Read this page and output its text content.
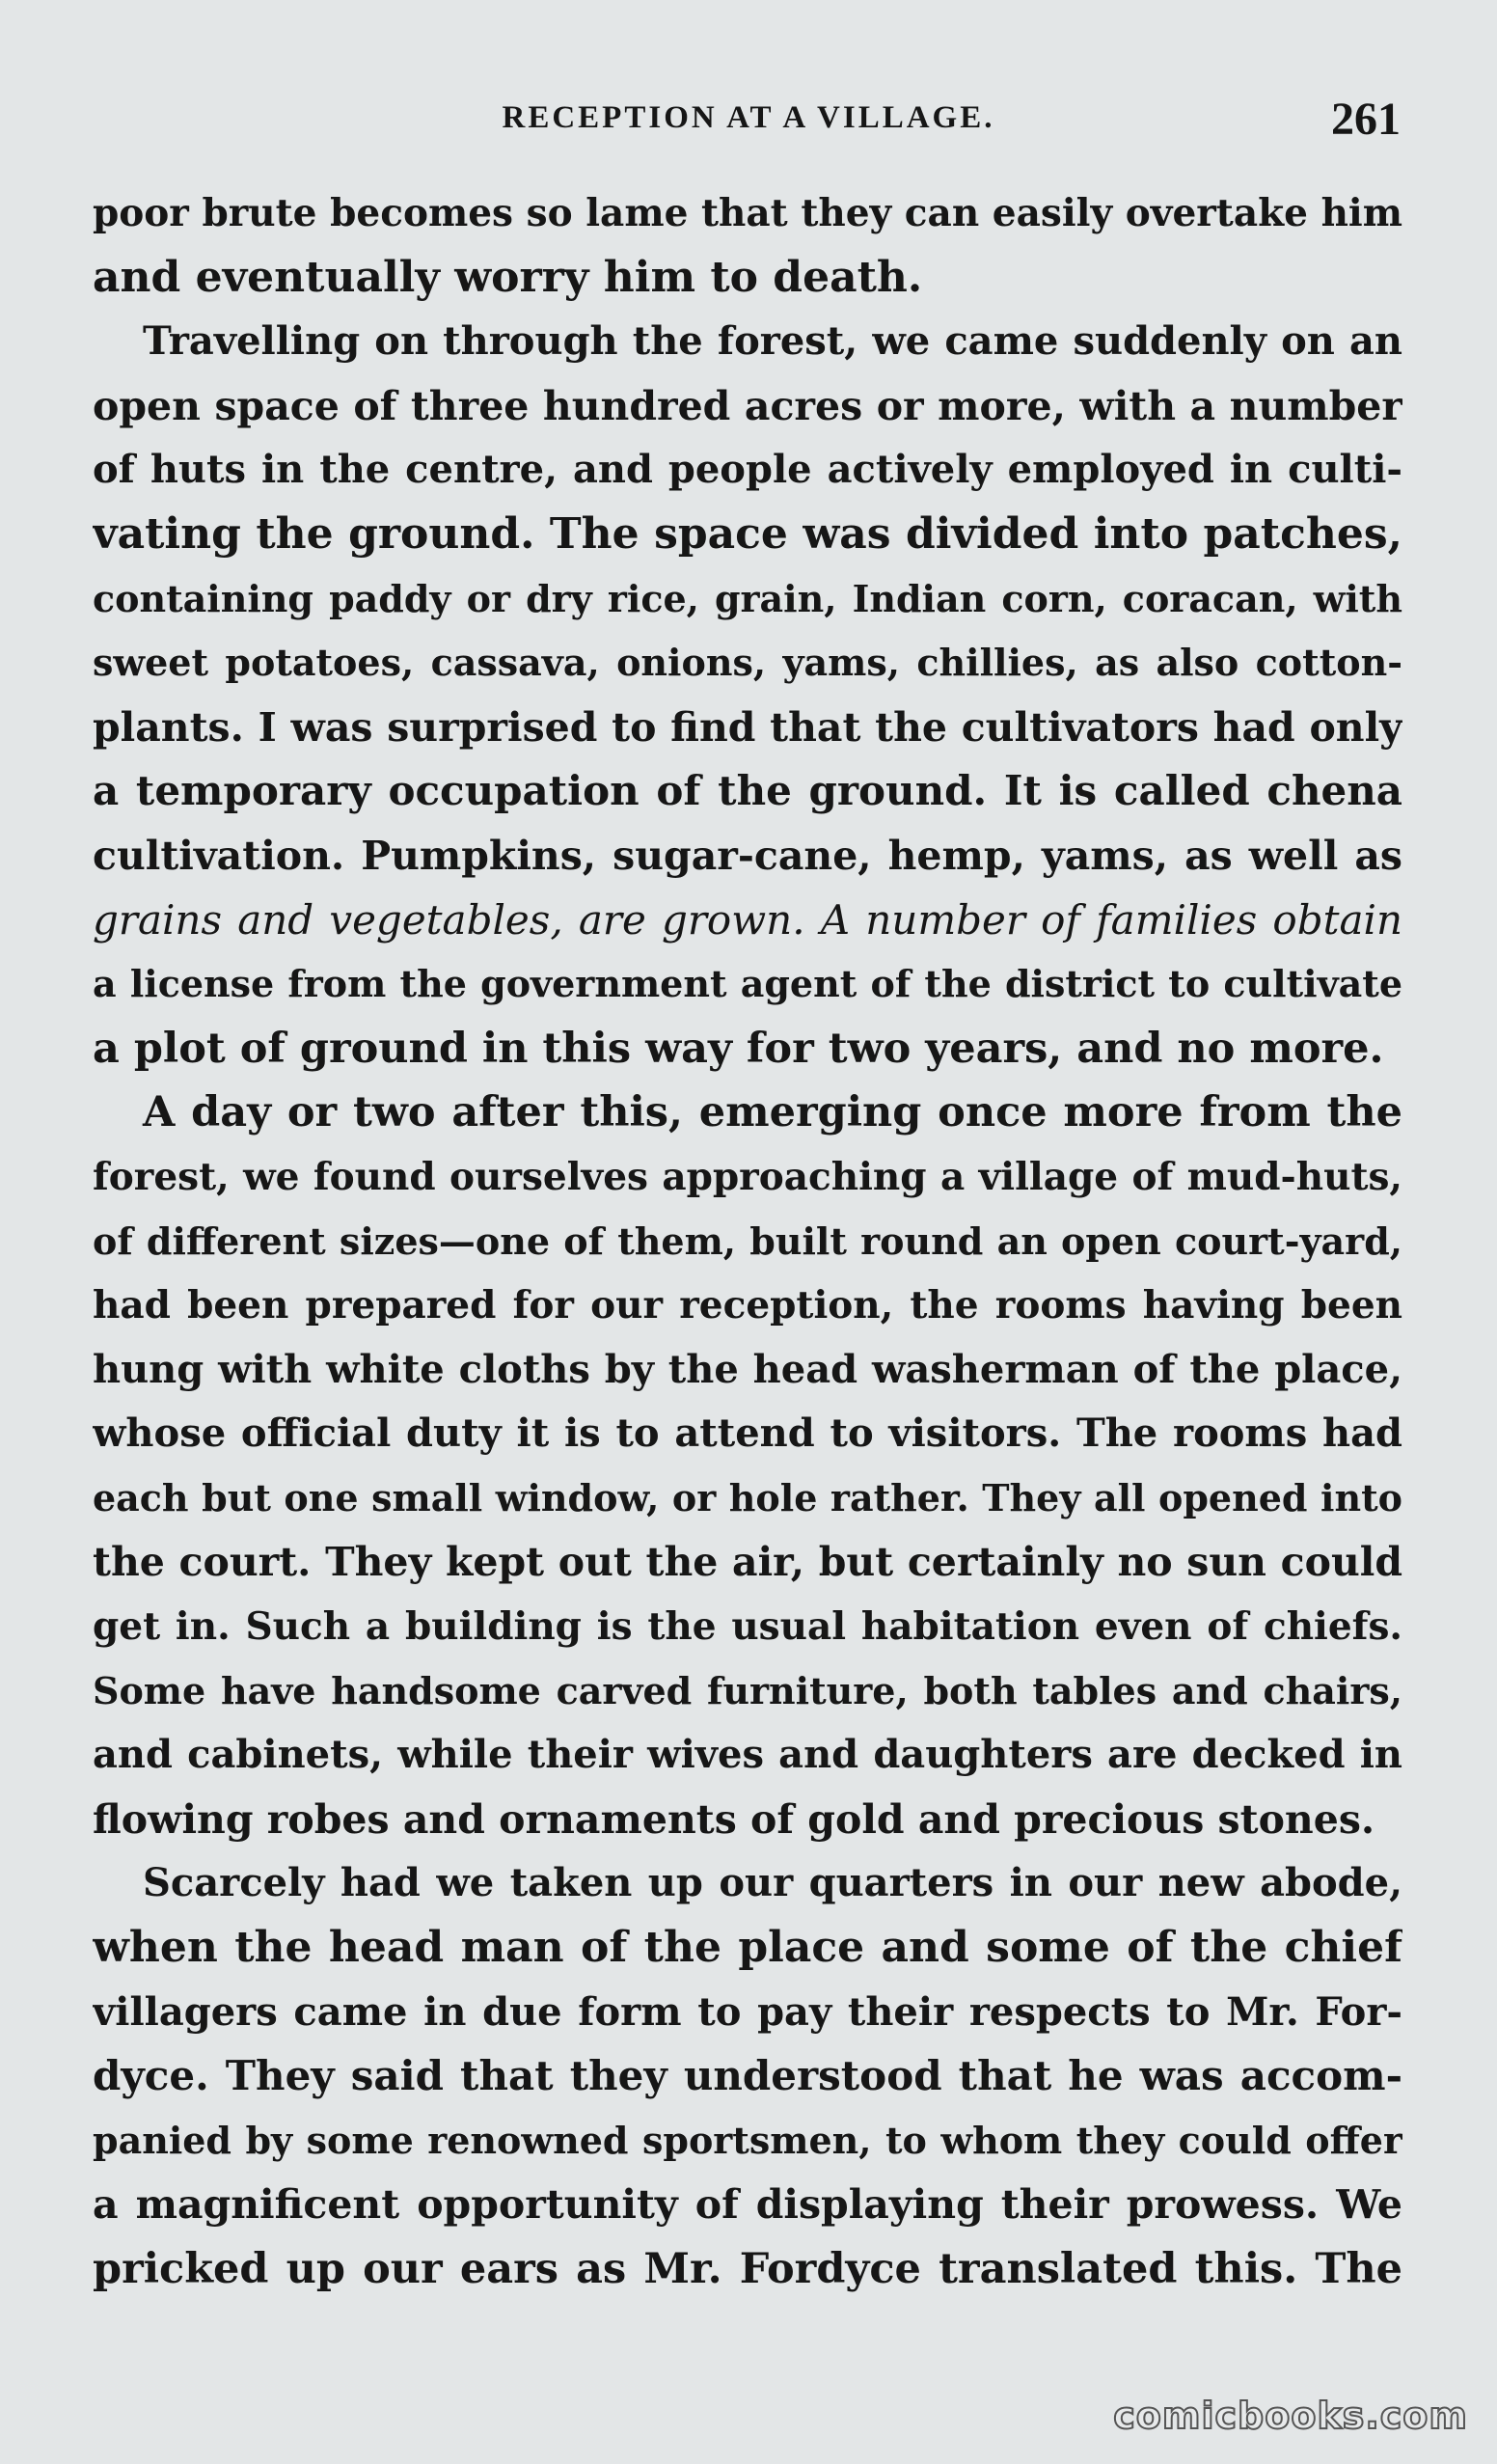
RECEPTION AT A VILLAGE.	261
poor brute becomes so lame that they can easily overtake him
and eventually worry him to death.
Travelling on through the forest, we came suddenly on an
open space of three hundred acres or more, with a number
of huts in the centre, and people actively employed in culti-
vating the ground. The space was divided into patches,
containing paddy or dry rice, grain, Indian corn, coracan, with
sweet potatoes, cassava, onions, yams, chillies, as also cotton-
plants. I was surprised to find that the cultivators had only
a temporary occupation of the ground. It is called chena
cultivation. Pumpkins, sugar-cane, hemp, yams, as well as
grains and vegetables, are grown. A number of families obtain
a license from the government agent of the district to cultivate
a plot of ground in this way for two years, and no more.
A day or two after this, emerging once more from the
forest, we found ourselves approaching a village of mud-huts,
of different sizes—one of them, built round an open court-yard,
had been prepared for our reception, the rooms having been
hung with white cloths by the head washerman of the place,
whose official duty it is to attend to visitors. The rooms had
each but one small window, or hole rather. They all opened into
the court. They kept out the air, but certainly no sun could
get in. Such a building is the usual habitation even of chiefs.
Some have handsome carved furniture, both tables and chairs,
and cabinets, while their wives and daughters are decked in
flowing robes and ornaments of gold and precious stones.
Scarcely had we taken up our quarters in our new abode,
when the head man of the place and some of the chief
villagers came in due form to pay their respects to Mr. For-
dyce. They said that they understood that he was accom-
panied by some renowned sportsmen, to whom they could offer
a magnificent opportunity of displaying their prowess. We
pricked up our ears as Mr. Fordyce translated this. The
comicbooks.com
